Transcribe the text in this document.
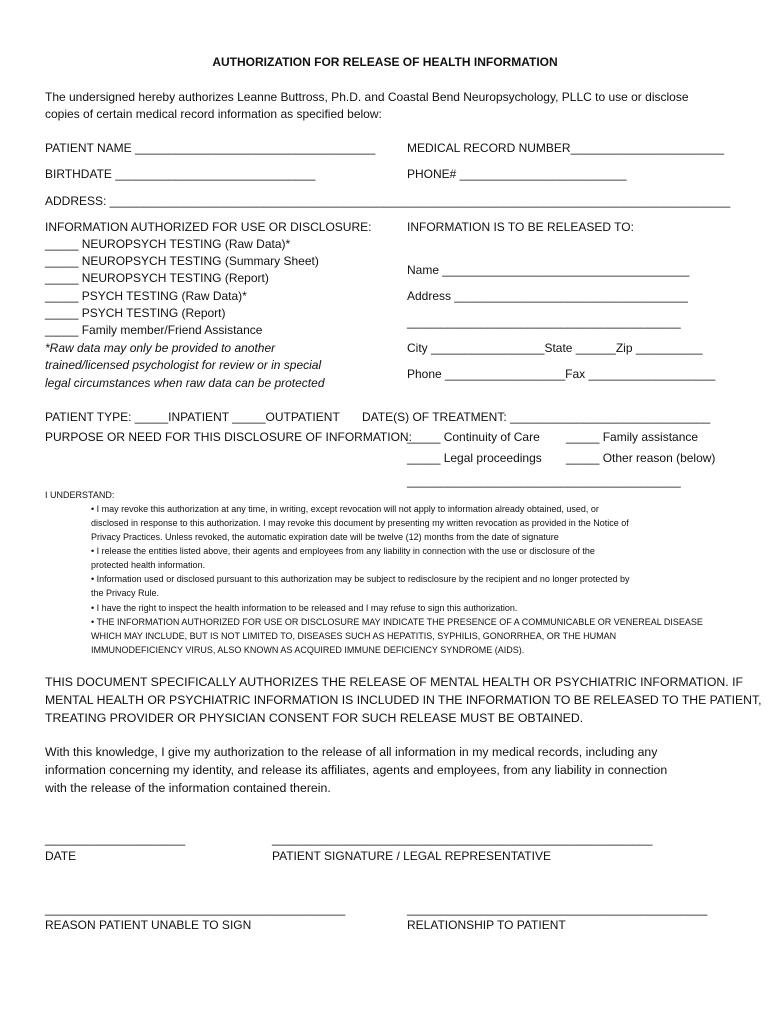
AUTHORIZATION FOR RELEASE OF HEALTH INFORMATION
The undersigned hereby authorizes Leanne Buttross, Ph.D. and Coastal Bend Neuropsychology, PLLC to use or disclose
copies of certain medical record information as specified below:
PATIENT NAME ____________________________________	MEDICAL RECORD NUMBER_______________________
BIRTHDATE ______________________________	PHONE# _________________________
ADDRESS: _____________________________________________________________________________________________
INFORMATION AUTHORIZED FOR USE OR DISCLOSURE:
_____ NEUROPSYCH TESTING (Raw Data)*
_____ NEUROPSYCH TESTING (Summary Sheet)
_____ NEUROPSYCH TESTING (Report)
_____ PSYCH TESTING (Raw Data)*
_____ PSYCH TESTING (Report)
_____ Family member/Friend Assistance
*Raw data may only be provided to another
trained/licensed psychologist for review or in special
legal circumstances when raw data can be protected
INFORMATION IS TO BE RELEASED TO:
Name _____________________________________
Address ___________________________________
_________________________________________
City _________________State ______Zip __________
Phone __________________Fax ___________________
PATIENT TYPE: _____INPATIENT _____OUTPATIENT DATE(S) OF TREATMENT: ______________________________
PURPOSE OR NEED FOR THIS DISCLOSURE OF INFORMATION:
_____ Continuity of Care _____ Family assistance
_____ Legal proceedings _____ Other reason (below)
_________________________________________
I UNDERSTAND:
• I may revoke this authorization at any time, in writing, except revocation will not apply to information already obtained, used, or
disclosed in response to this authorization. I may revoke this document by presenting my written revocation as provided in the Notice of
Privacy Practices. Unless revoked, the automatic expiration date will be twelve (12) months from the date of signature
• I release the entities listed above, their agents and employees from any liability in connection with the use or disclosure of the
protected health information.
• Information used or disclosed pursuant to this authorization may be subject to redisclosure by the recipient and no longer protected by
the Privacy Rule.
• I have the right to inspect the health information to be released and I may refuse to sign this authorization.
• THE INFORMATION AUTHORIZED FOR USE OR DISCLOSURE MAY INDICATE THE PRESENCE OF A COMMUNICABLE OR VENEREAL DISEASE
WHICH MAY INCLUDE, BUT IS NOT LIMITED TO, DISEASES SUCH AS HEPATITIS, SYPHILIS, GONORRHEA, OR THE HUMAN
IMMUNODEFICIENCY VIRUS, ALSO KNOWN AS ACQUIRED IMMUNE DEFICIENCY SYNDROME (AIDS).
THIS DOCUMENT SPECIFICALLY AUTHORIZES THE RELEASE OF MENTAL HEALTH OR PSYCHIATRIC INFORMATION. IF
MENTAL HEALTH OR PSYCHIATRIC INFORMATION IS INCLUDED IN THE INFORMATION TO BE RELEASED TO THE PATIENT,
TREATING PROVIDER OR PHYSICIAN CONSENT FOR SUCH RELEASE MUST BE OBTAINED.
With this knowledge, I give my authorization to the release of all information in my medical records, including any
information concerning my identity, and release its affiliates, agents and employees, from any liability in connection
with the release of the information contained therein.
_____________________
DATE
_________________________________________________________
PATIENT SIGNATURE / LEGAL REPRESENTATIVE
_____________________________________________
REASON PATIENT UNABLE TO SIGN
_____________________________________________
RELATIONSHIP TO PATIENT
